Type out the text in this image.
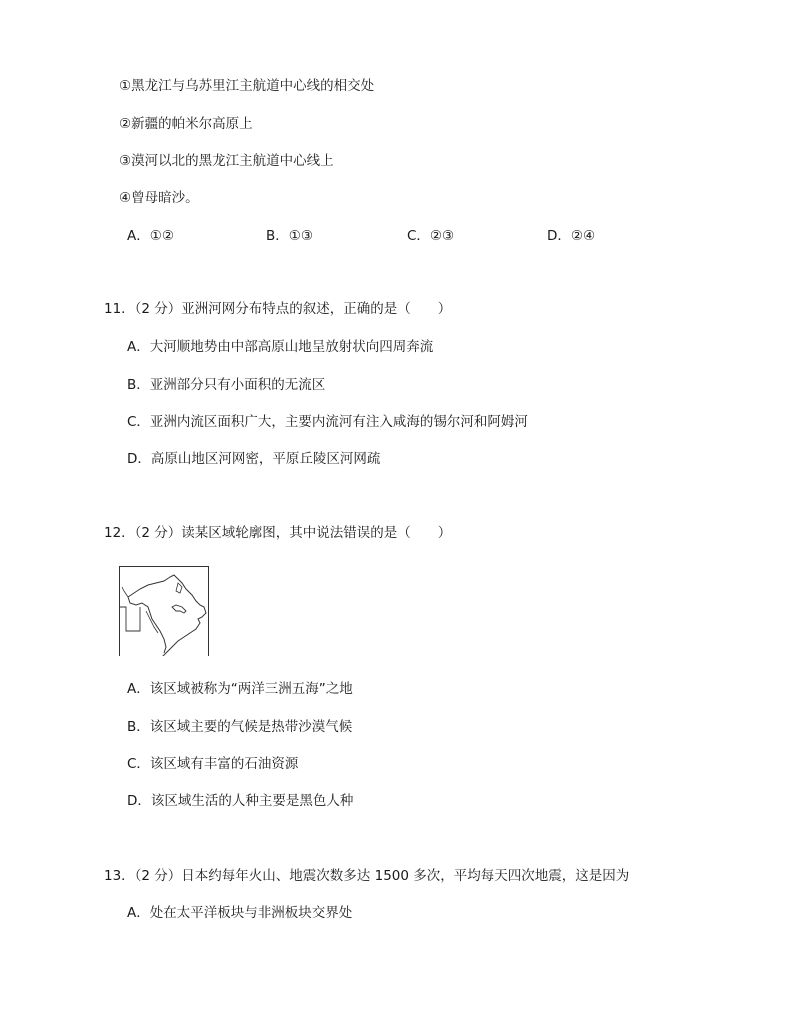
①黑龙江与乌苏里江主航道中心线的相交处
②新疆的帕米尔高原上
③漠河以北的黑龙江主航道中心线上
④曾母暗沙。
A．①②	B．①③	C．②③	D．②④
11．（2 分）亚洲河网分布特点的叙述，正确的是（　　）
A．大河顺地势由中部高原山地呈放射状向四周奔流
B．亚洲部分只有小面积的无流区
C．亚洲内流区面积广大，主要内流河有注入咸海的锡尔河和阿姆河
D．高原山地区河网密，平原丘陵区河网疏
12．（2 分）读某区域轮廓图，其中说法错误的是（　　）
A．该区域被称为“两洋三洲五海”之地
B．该区域主要的气候是热带沙漠气候
C．该区域有丰富的石油资源
D．该区域生活的人种主要是黑色人种
13．（2 分）日本约每年火山、地震次数多达 1500 多次，平均每天四次地震，这是因为
A．处在太平洋板块与非洲板块交界处
